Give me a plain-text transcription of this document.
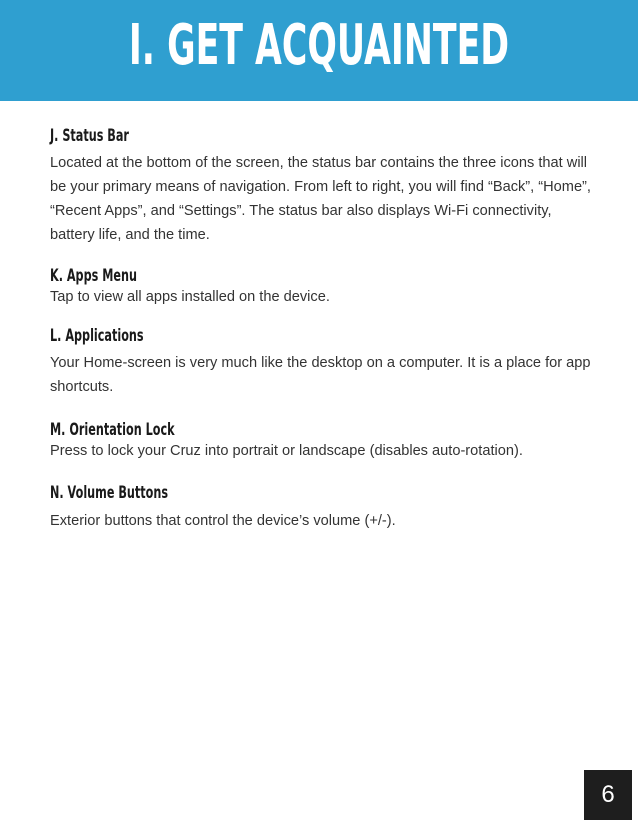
I. GET ACQUAINTED
J. Status Bar
Located at the bottom of the screen, the status bar contains the three icons that will be your primary means of navigation. From left to right, you will find “Back”, “Home”, “Recent Apps”, and “Settings”. The status bar also displays Wi-Fi connectivity, battery life, and the time.
K. Apps Menu
Tap to view all apps installed on the device.
L. Applications
Your Home-screen is very much like the desktop on a computer. It is a place for app shortcuts.
M. Orientation Lock
Press to lock your Cruz into portrait or landscape (disables auto-rotation).
N. Volume Buttons
Exterior buttons that control the device’s volume (+/-).
6
